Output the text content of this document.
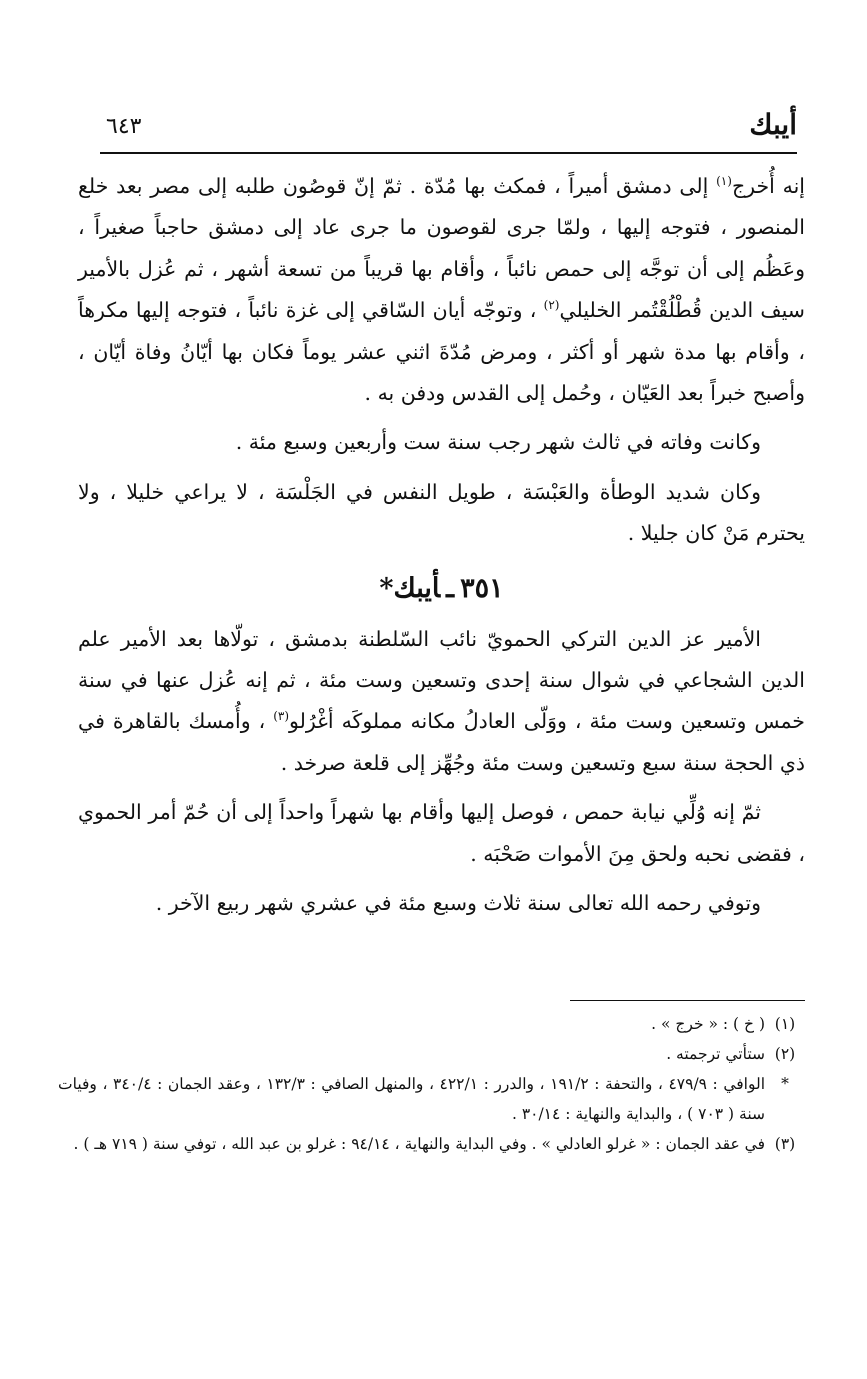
أيبك
٦٤٣

إنه أُخرج$^{(١)}$ إلى دمشق أميراً ، فمكث بها مُدّة . ثمّ إنّ قوصُون طلبه إلى مصر بعد خلع المنصور ، فتوجه إليها ، ولمّا جرى لقوصون ما جرى عاد إلى دمشق حاجباً صغيراً ، وعَظُم إلى أن توجَّه إلى حمص نائباً ، وأقام بها قريباً من تسعة أشهر ، ثم عُزل بالأمير سيف الدين قُطْلُقْتُمر الخليلي$^{(٢)}$ ، وتوجّه أيان السّاقي إلى غزة نائباً ، فتوجه إليها مكرهاً ، وأقام بها مدة شهر أو أكثر ، ومرض مُدّةَ اثني عشر يوماً فكان بها أيّانُ وفاة أيّان ، وأصبح خبراً بعد العَيّان ، وحُمل إلى القدس ودفن به .

وكانت وفاته في ثالث شهر رجب سنة ست وأربعين وسبع مئة .

وكان شديد الوطأة والعَبْسَة ، طويل النفس في الجَلْسَة ، لا يراعي خليلا ، ولا يحترم مَنْ كان جليلا .

٣٥١ـأيبك*

الأمير عز الدين التركي الحمويّ نائب السّلطنة بدمشق ، تولّاها بعد الأمير علم الدين الشجاعي في شوال سنة إحدى وتسعين وست مئة ، ثم إنه عُزل عنها في سنة خمس وتسعين وست مئة ، ووَلّى العادلُ مكانه مملوكَه أغْرُلو$^{(٣)}$ ، وأُمسك بالقاهرة في ذي الحجة سنة سبع وتسعين وست مئة وجُهِّز إلى قلعة صرخد .

ثمّ إنه وُلِّي نيابة حمص ، فوصل إليها وأقام بها شهراً واحداً إلى أن حُمّ أمر الحموي ، فقضى نحبه ولحق مِنَ الأموات صَحْبَه .

وتوفي رحمه الله تعالى سنة ثلاث وسبع مئة في عشري شهر ربيع الآخر .

(١)
( خ ) : « خرج » .
(٢)
ستأتي ترجمته .
*
الوافي : ٤٧٩/٩ ، والتحفة : ١٩١/٢ ، والدرر : ٤٢٢/١ ، والمنهل الصافي : ١٣٢/٣ ، وعقد الجمان : ٣٤٠/٤ ، وفيات سنة ( ٧٠٣ ) ، والبداية والنهاية : ٣٠/١٤ .
(٣)
في عقد الجمان : « غرلو العادلي » . وفي البداية والنهاية ، ٩٤/١٤ : غرلو بن عبد الله ، توفي سنة ( ٧١٩ هـ ) .
